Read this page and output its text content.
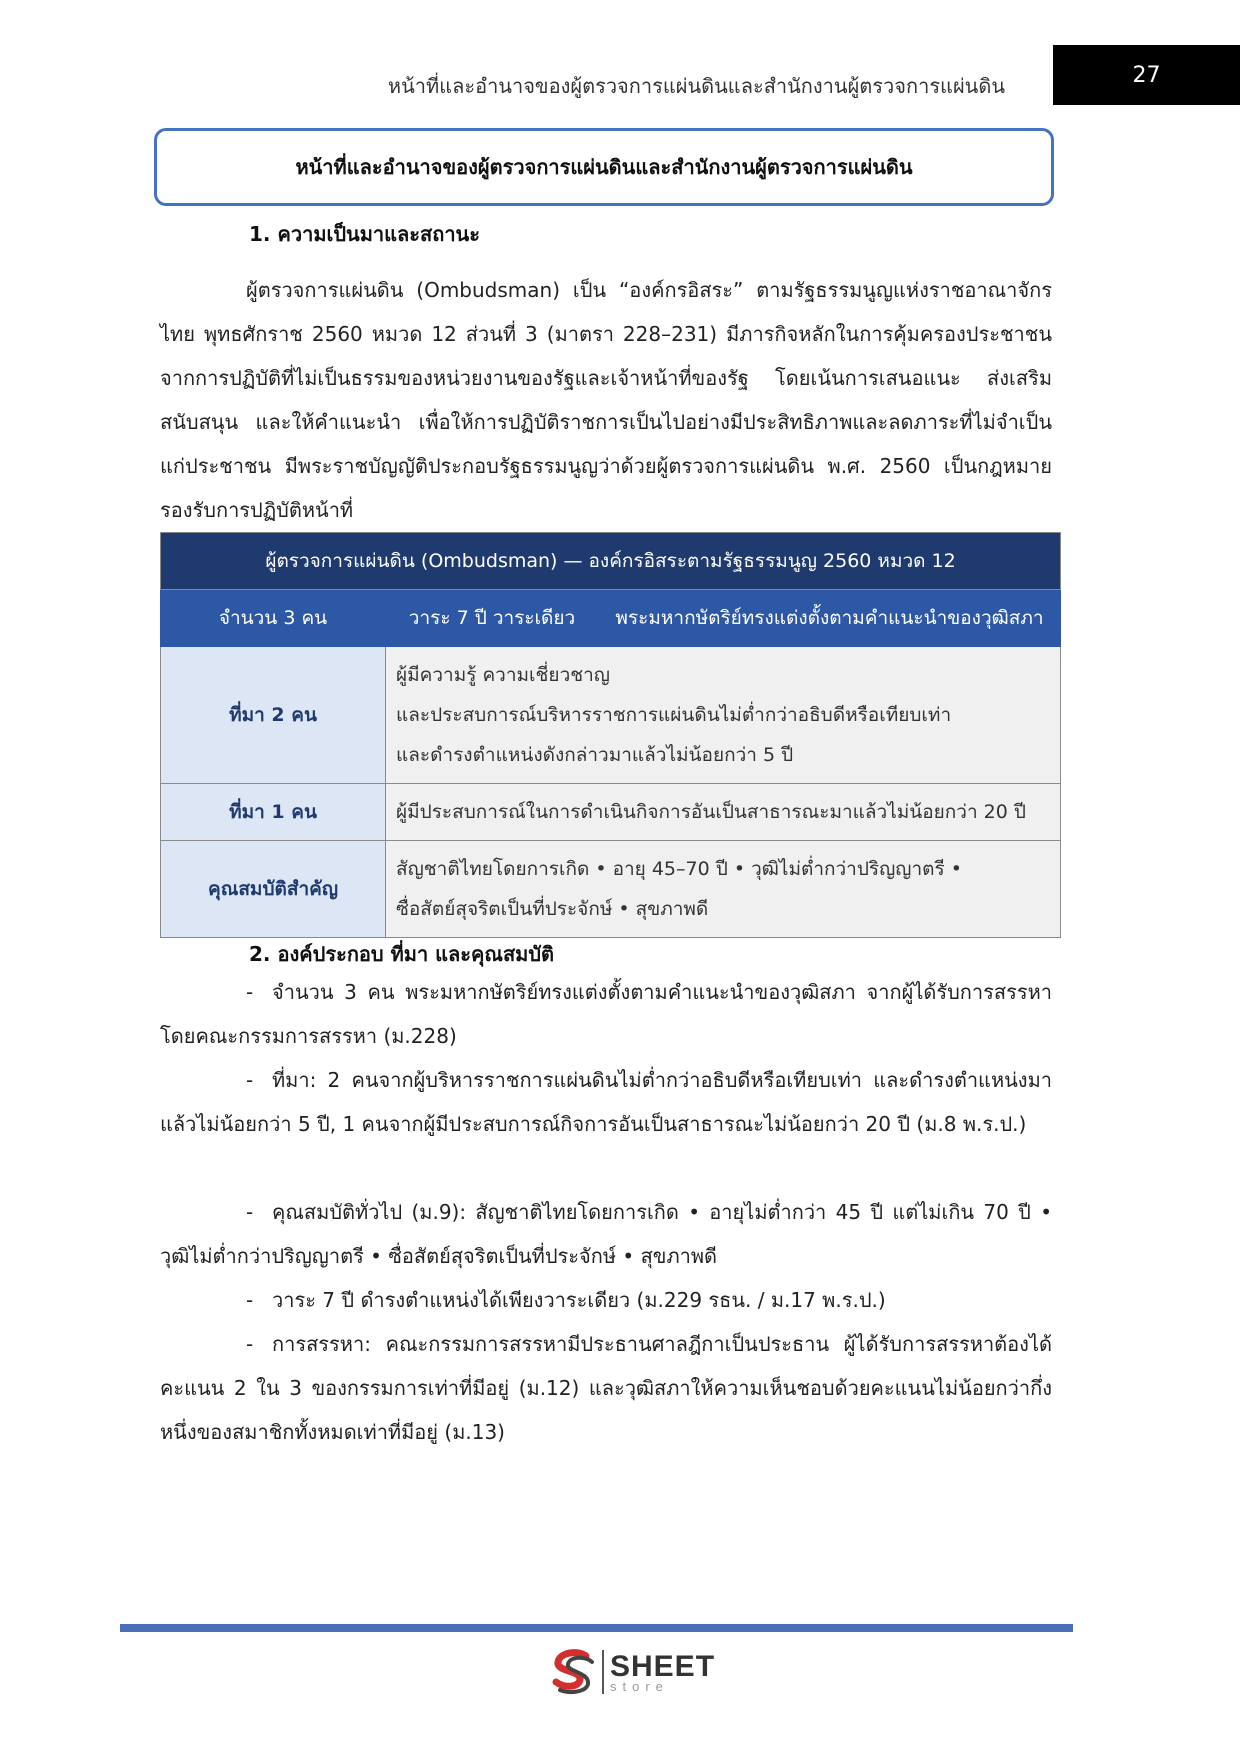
หน้าที่และอำนาจของผู้ตรวจการแผ่นดินและสำนักงานผู้ตรวจการแผ่นดิน	27
หน้าที่และอำนาจของผู้ตรวจการแผ่นดินและสำนักงานผู้ตรวจการแผ่นดิน
1. ความเป็นมาและสถานะ
ผู้ตรวจการแผ่นดิน (Ombudsman) เป็น “องค์กรอิสระ” ตามรัฐธรรมนูญแห่งราชอาณาจักรไทย พุทธศักราช 2560 หมวด 12 ส่วนที่ 3 (มาตรา 228–231) มีภารกิจหลักในการคุ้มครองประชาชนจากการปฏิบัติที่ไม่เป็นธรรมของหน่วยงานของรัฐและเจ้าหน้าที่ของรัฐ โดยเน้นการเสนอแนะ ส่งเสริม สนับสนุน และให้คำแนะนำ เพื่อให้การปฏิบัติราชการเป็นไปอย่างมีประสิทธิภาพและลดภาระที่ไม่จำเป็นแก่ประชาชน มีพระราชบัญญัติประกอบรัฐธรรมนูญว่าด้วยผู้ตรวจการแผ่นดิน พ.ศ. 2560 เป็นกฎหมายรองรับการปฏิบัติหน้าที่
ผู้ตรวจการแผ่นดิน (Ombudsman) — องค์กรอิสระตามรัฐธรรมนูญ 2560 หมวด 12		
จำนวน 3 คน	วาระ 7 ปี วาระเดียว	พระมหากษัตริย์ทรงแต่งตั้งตามคำแนะนำของวุฒิสภา
ที่มา 2 คน	ผู้มีความรู้ ความเชี่ยวชาญ
และประสบการณ์บริหารราชการแผ่นดินไม่ต่ำกว่าอธิบดีหรือเทียบเท่า
และดำรงตำแหน่งดังกล่าวมาแล้วไม่น้อยกว่า 5 ปี	

ที่มา 1 คน	ผู้มีประสบการณ์ในการดำเนินกิจการอันเป็นสาธารณะมาแล้วไม่น้อยกว่า 20 ปี	

คุณสมบัติสำคัญ	สัญชาติไทยโดยการเกิด • อายุ 45–70 ปี • วุฒิไม่ต่ำกว่าปริญญาตรี •
ซื่อสัตย์สุจริตเป็นที่ประจักษ์ • สุขภาพดี	
2. องค์ประกอบ ที่มา และคุณสมบัติ
- จำนวน 3 คน พระมหากษัตริย์ทรงแต่งตั้งตามคำแนะนำของวุฒิสภา จากผู้ได้รับการสรรหาโดยคณะกรรมการสรรหา (ม.228)
- ที่มา: 2 คนจากผู้บริหารราชการแผ่นดินไม่ต่ำกว่าอธิบดีหรือเทียบเท่า และดำรงตำแหน่งมาแล้วไม่น้อยกว่า 5 ปี, 1 คนจากผู้มีประสบการณ์กิจการอันเป็นสาธารณะไม่น้อยกว่า 20 ปี (ม.8 พ.ร.ป.)
- คุณสมบัติทั่วไป (ม.9): สัญชาติไทยโดยการเกิด • อายุไม่ต่ำกว่า 45 ปี แต่ไม่เกิน 70 ปี • วุฒิไม่ต่ำกว่าปริญญาตรี • ซื่อสัตย์สุจริตเป็นที่ประจักษ์ • สุขภาพดี
- วาระ 7 ปี ดำรงตำแหน่งได้เพียงวาระเดียว (ม.229 รธน. / ม.17 พ.ร.ป.)
- การสรรหา: คณะกรรมการสรรหามีประธานศาลฎีกาเป็นประธาน ผู้ได้รับการสรรหาต้องได้คะแนน 2 ใน 3 ของกรรมการเท่าที่มีอยู่ (ม.12) และวุฒิสภาให้ความเห็นชอบด้วยคะแนนไม่น้อยกว่ากึ่งหนึ่งของสมาชิกทั้งหมดเท่าที่มีอยู่ (ม.13)
SHEET
store
